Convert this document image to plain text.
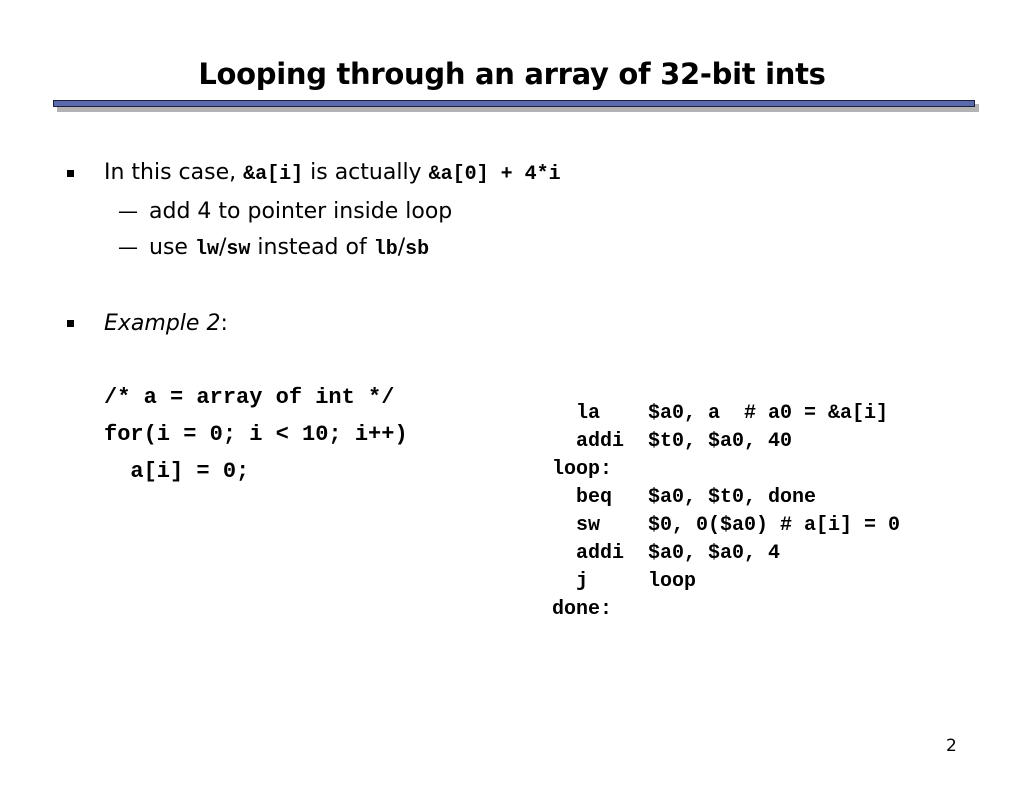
Looping through an array of 32-bit ints
In this case, &a[i] is actually &a[0] + 4*i
— add 4 to pointer inside loop
— use lw/sw instead of lb/sb
Example 2:
/* a = array of int */
for(i = 0; i < 10; i++)
a[i] = 0;
la    $a0, a  # a0 = &a[i]
addi  $t0, $a0, 40
loop:
beq   $a0, $t0, done
sw    $0, 0($a0) # a[i] = 0
addi  $a0, $a0, 4
j     loop
done:
2
